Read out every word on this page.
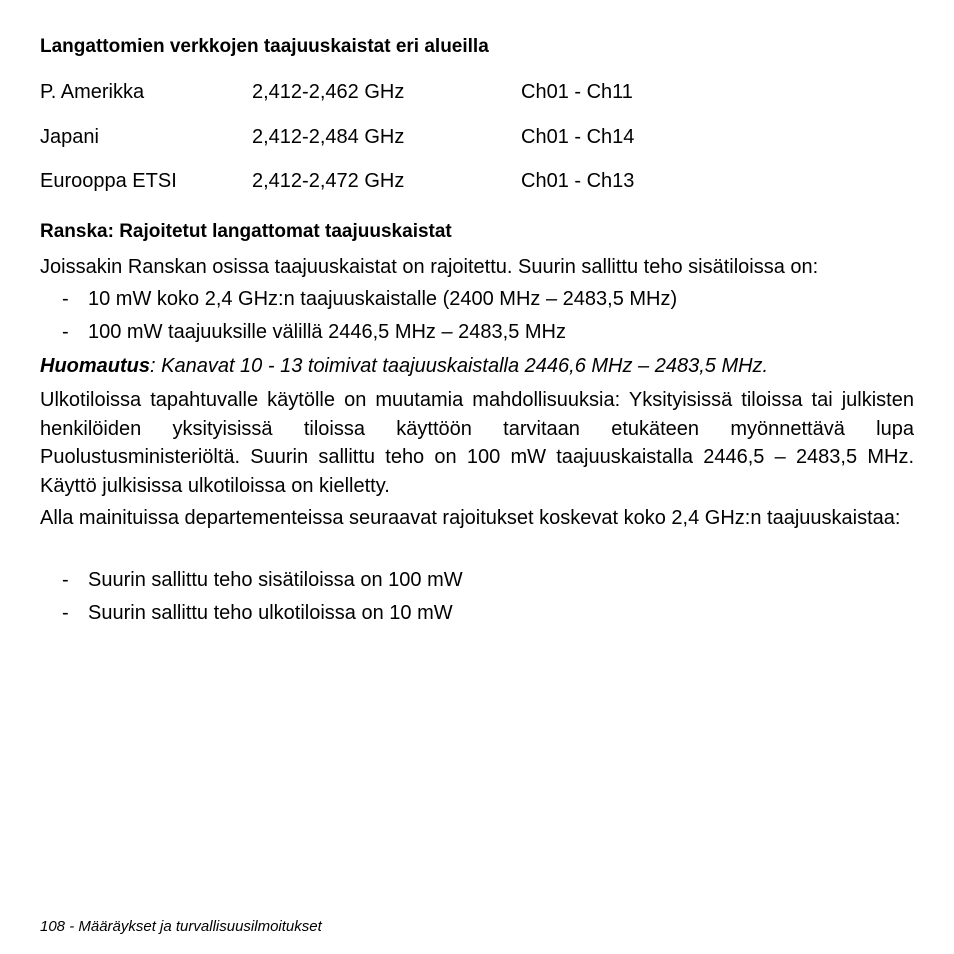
Langattomien verkkojen taajuuskaistat eri alueilla
P. Amerikka	2,412-2,462 GHz	Ch01 - Ch11
Japani	2,412-2,484 GHz	Ch01 - Ch14
Eurooppa ETSI	2,412-2,472 GHz	Ch01 - Ch13
Ranska: Rajoitetut langattomat taajuuskaistat
Joissakin Ranskan osissa taajuuskaistat on rajoitettu. Suurin sallittu teho sisätiloissa on:
- 10 mW koko 2,4 GHz:n taajuuskaistalle (2400 MHz – 2483,5 MHz)
- 100 mW taajuuksille välillä 2446,5 MHz – 2483,5 MHz
Huomautus: Kanavat 10 - 13 toimivat taajuuskaistalla 2446,6 MHz – 2483,5 MHz.
Ulkotiloissa tapahtuvalle käytölle on muutamia mahdollisuuksia: Yksityisissä tiloissa tai julkisten henkilöiden yksityisissä tiloissa käyttöön tarvitaan etukäteen myönnettävä lupa Puolustusministeriöltä. Suurin sallittu teho on 100 mW taajuuskaistalla 2446,5 – 2483,5 MHz. Käyttö julkisissa ulkotiloissa on kielletty.
Alla mainituissa departementeissa seuraavat rajoitukset koskevat koko 2,4 GHz:n taajuuskaistaa:
- Suurin sallittu teho sisätiloissa on 100 mW
- Suurin sallittu teho ulkotiloissa on 10 mW
108 - Määräykset ja turvallisuusilmoitukset
